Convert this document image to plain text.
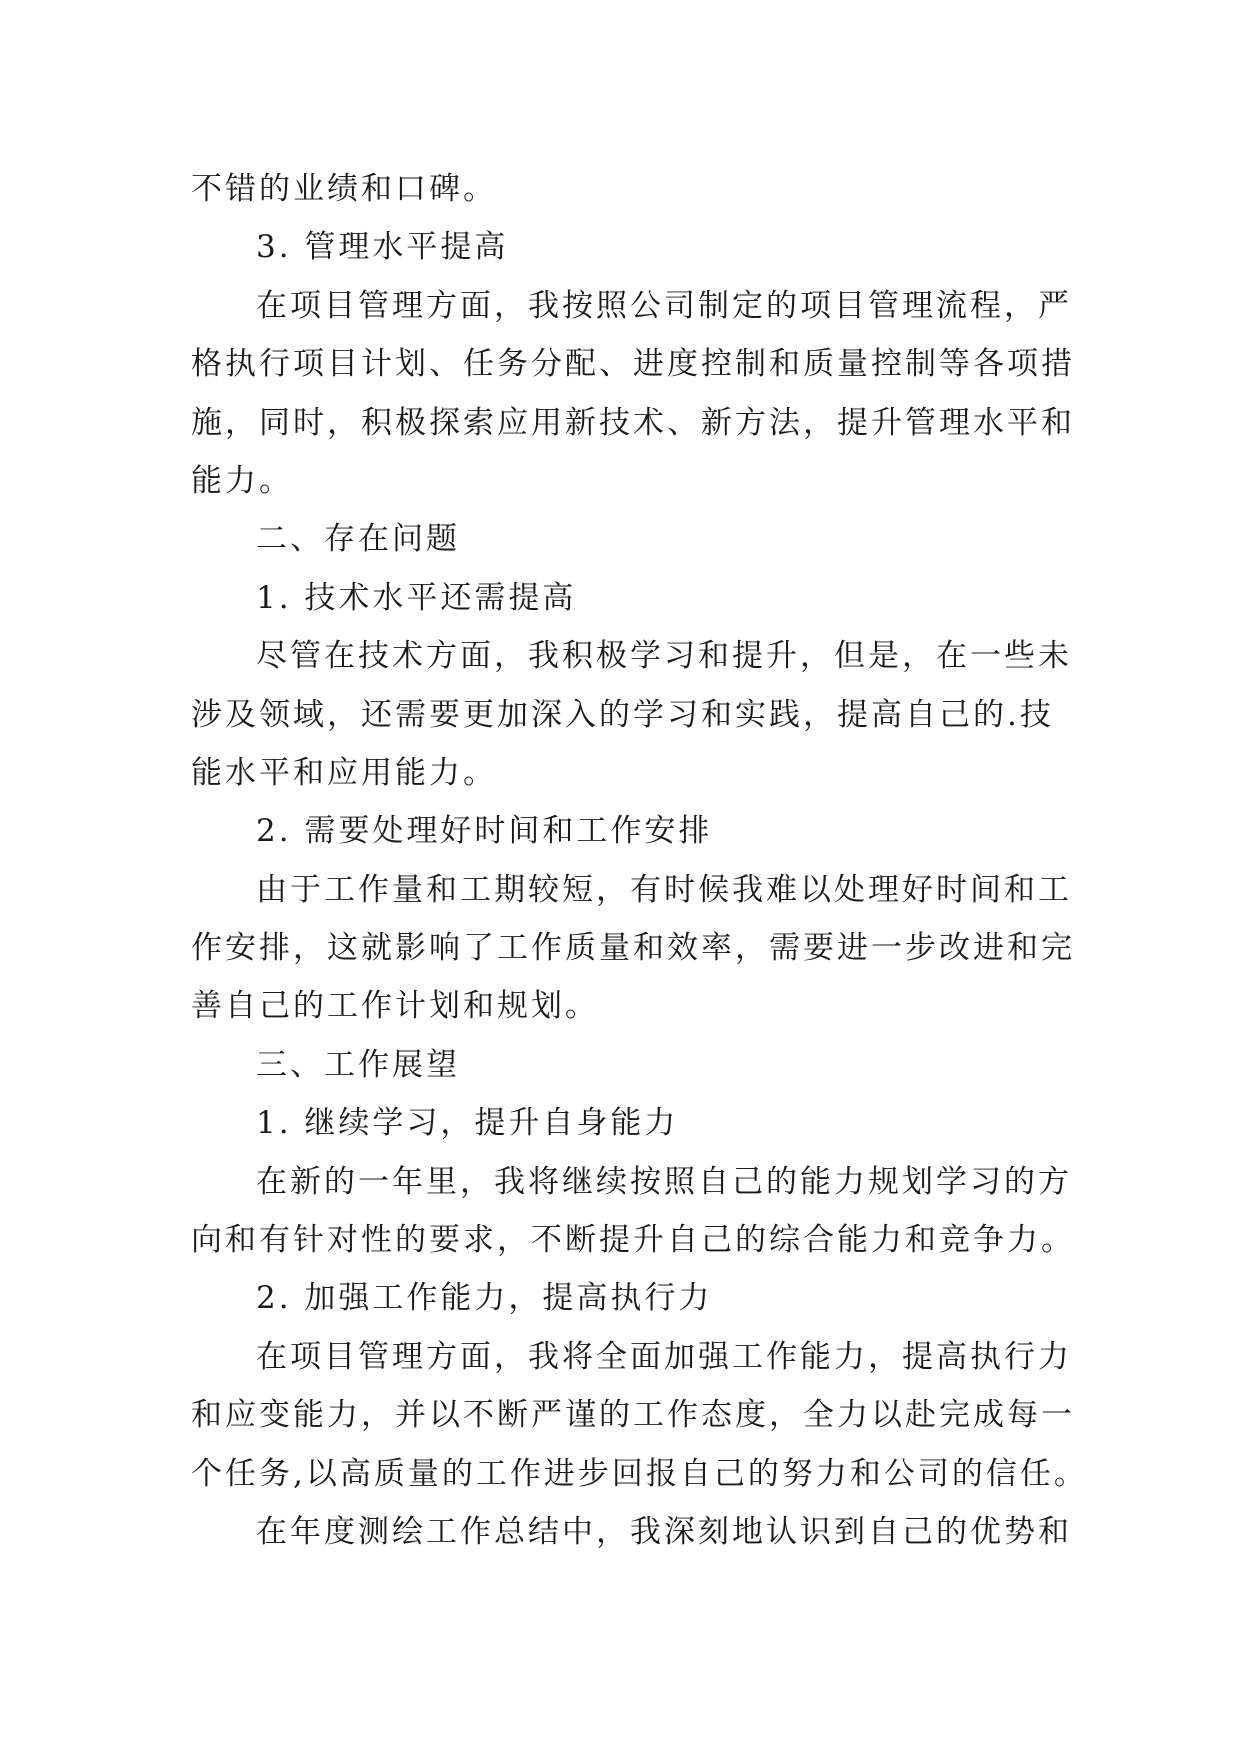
不错的业绩和口碑。
3. 管理水平提高
在项目管理方面，我按照公司制定的项目管理流程，严
格执行项目计划、任务分配、进度控制和质量控制等各项措
施，同时，积极探索应用新技术、新方法，提升管理水平和
能力。
二、存在问题
1. 技术水平还需提高
尽管在技术方面，我积极学习和提升，但是，在一些未
涉及领域，还需要更加深入的学习和实践，提高自己的.技
能水平和应用能力。
2. 需要处理好时间和工作安排
由于工作量和工期较短，有时候我难以处理好时间和工
作安排，这就影响了工作质量和效率，需要进一步改进和完
善自己的工作计划和规划。
三、工作展望
1. 继续学习，提升自身能力
在新的一年里，我将继续按照自己的能力规划学习的方
向和有针对性的要求，不断提升自己的综合能力和竞争力。
2. 加强工作能力，提高执行力
在项目管理方面，我将全面加强工作能力，提高执行力
和应变能力，并以不断严谨的工作态度，全力以赴完成每一
个任务,以高质量的工作进步回报自己的努力和公司的信任。
在年度测绘工作总结中，我深刻地认识到自己的优势和
